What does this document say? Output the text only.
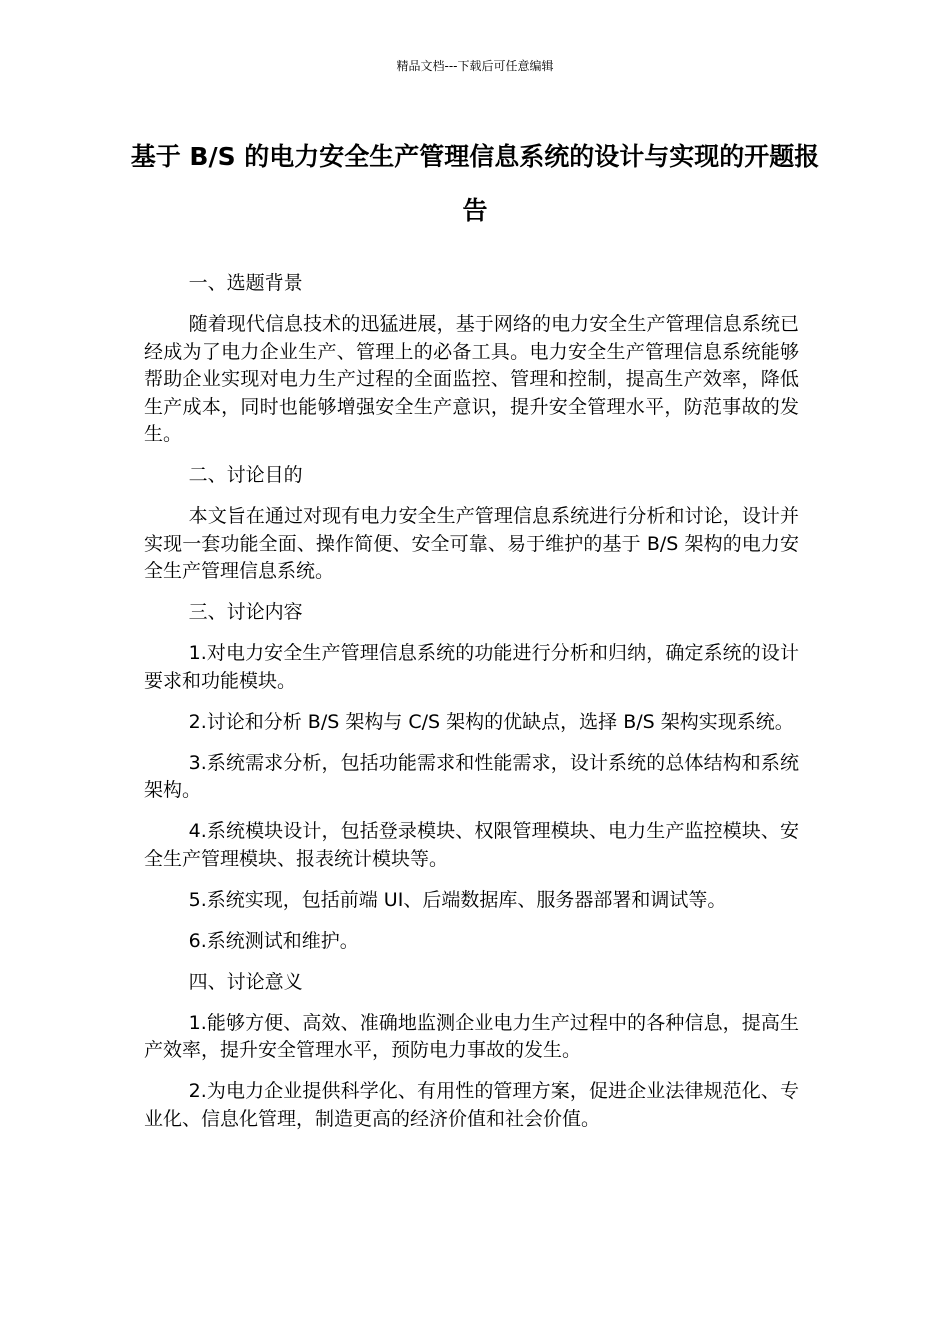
精品文档---下载后可任意编辑
基于 B/S 的电力安全生产管理信息系统的设计与实现的开题报告

一、选题背景

随着现代信息技术的迅猛进展，基于网络的电力安全生产管理信息系统已经成为了电力企业生产、管理上的必备工具。电力安全生产管理信息系统能够帮助企业实现对电力生产过程的全面监控、管理和控制，提高生产效率，降低生产成本，同时也能够增强安全生产意识，提升安全管理水平，防范事故的发生。

二、讨论目的

本文旨在通过对现有电力安全生产管理信息系统进行分析和讨论，设计并实现一套功能全面、操作简便、安全可靠、易于维护的基于 B/S 架构的电力安全生产管理信息系统。

三、讨论内容

1.对电力安全生产管理信息系统的功能进行分析和归纳，确定系统的设计要求和功能模块。

2.讨论和分析 B/S 架构与 C/S 架构的优缺点，选择 B/S 架构实现系统。

3.系统需求分析，包括功能需求和性能需求，设计系统的总体结构和系统架构。

4.系统模块设计，包括登录模块、权限管理模块、电力生产监控模块、安全生产管理模块、报表统计模块等。

5.系统实现，包括前端 UI、后端数据库、服务器部署和调试等。

6.系统测试和维护。

四、讨论意义

1.能够方便、高效、准确地监测企业电力生产过程中的各种信息，提高生产效率，提升安全管理水平，预防电力事故的发生。

2.为电力企业提供科学化、有用性的管理方案，促进企业法律规范化、专业化、信息化管理，制造更高的经济价值和社会价值。
